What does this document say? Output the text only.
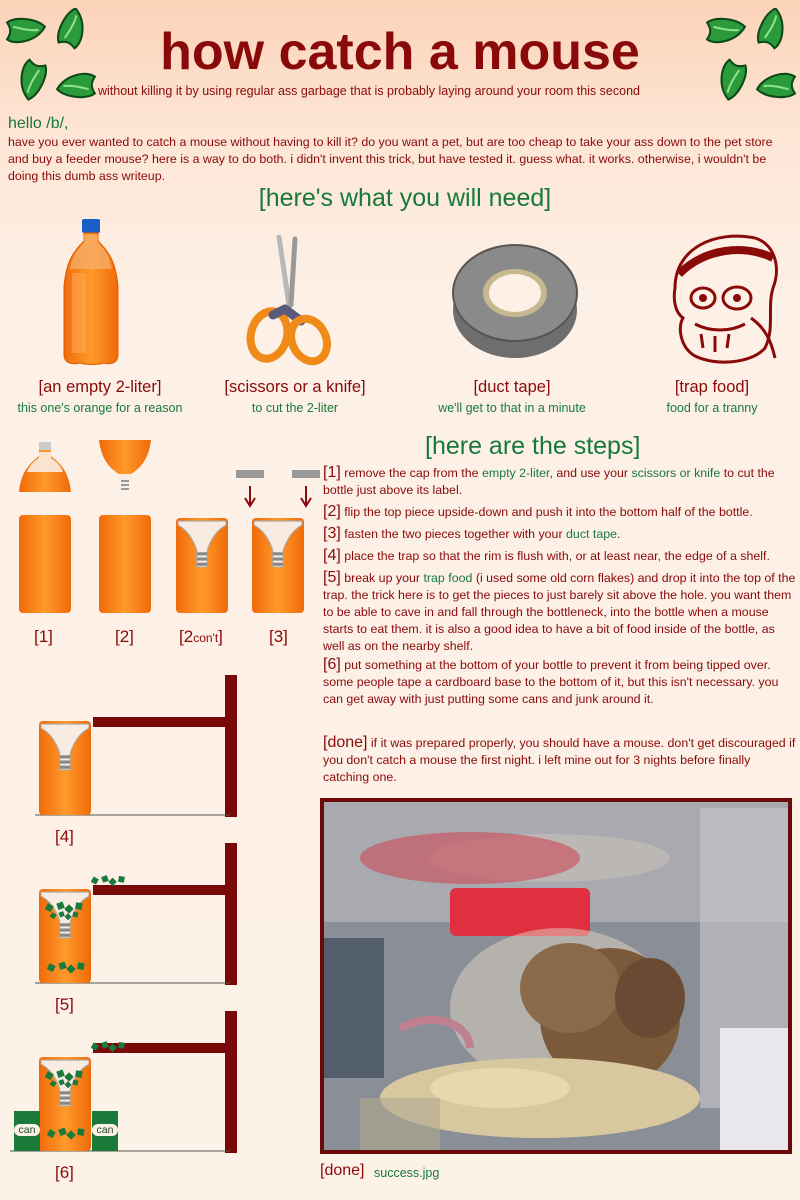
how catch a mouse
without killing it by using regular ass garbage that is probably laying around your room this second
hello /b/,
have you ever wanted to catch a mouse without having to kill it? do you want a pet, but are too cheap to take your ass down to the pet store and buy a feeder mouse? here is a way to do both. i didn't invent this trick, but have tested it. guess what. it works. otherwise, i wouldn't be doing this dumb ass writeup.
[here's what you will need]
[an empty 2-liter]
this one's orange for a reason
[scissors or a knife]
to cut the 2-liter
[duct tape]
we'll get to that in a minute
[trap food]
food for a tranny
[1]	[2]	[2con't]	[3]
[4]
[5]
can	can
[6]
[here are the steps]
[1] remove the cap from the empty 2-liter, and use your scissors or knife to cut the bottle just above its label.
[2] flip the top piece upside-down and push it into the bottom half of the bottle.
[3] fasten the two pieces together with your duct tape.
[4] place the trap so that the rim is flush with, or at least near, the edge of a shelf.
[5] break up your trap food (i used some old corn flakes) and drop it into the top of the trap. the trick here is to get the pieces to just barely sit above the hole. you want them to be able to cave in and fall through the bottleneck, into the bottle when a mouse starts to eat them. it is also a good idea to have a bit of food inside of the bottle, as well as on the nearby shelf.
[6] put something at the bottom of your bottle to prevent it from being tipped over. some people tape a cardboard base to the bottom of it, but this isn't necessary. you can get away with just putting some cans and junk around it.
[done] if it was prepared properly, you should have a mouse. don't get discouraged if you don't catch a mouse the first night. i left mine out for 3 nights before finally catching one.
[done] success.jpg
